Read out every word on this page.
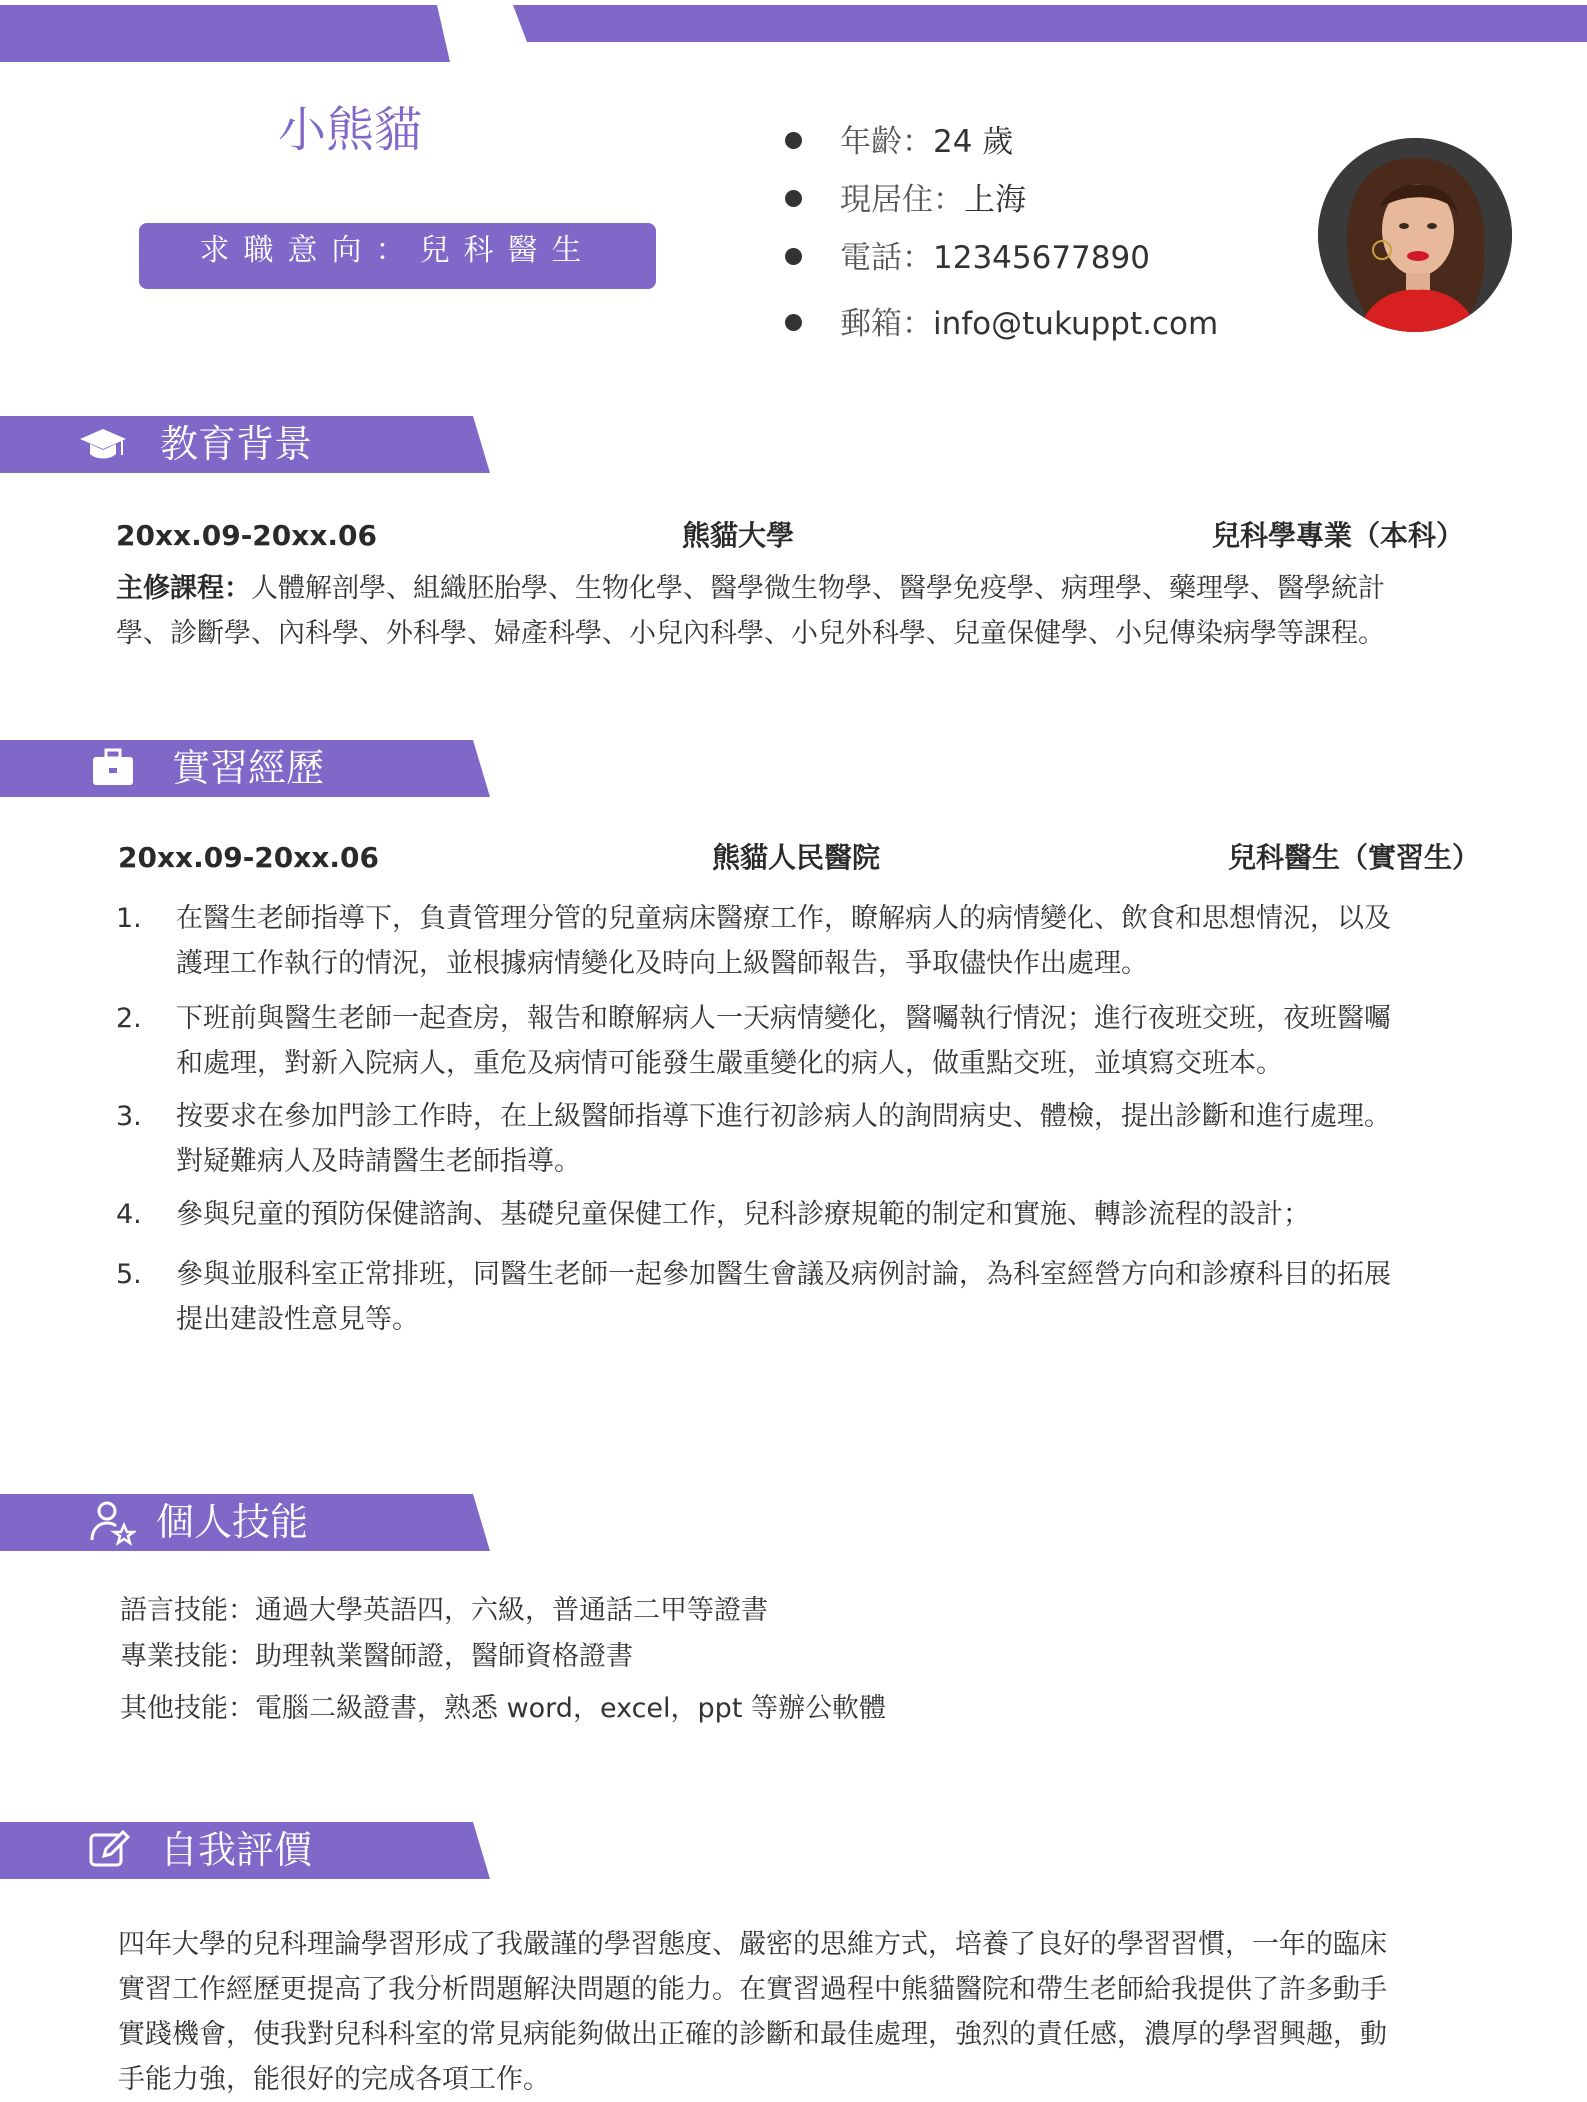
小熊貓
求職意向：兒科醫生
年齡：24 歲
現居住：上海
電話：12345677890
郵箱：info@tukuppt.com
教育背景
20xx.09-20xx.06	熊貓大學	兒科學專業（本科）
主修課程：人體解剖學、組織胚胎學、生物化學、醫學微生物學、醫學免疫學、病理學、藥理學、醫學統計
學、診斷學、內科學、外科學、婦產科學、小兒內科學、小兒外科學、兒童保健學、小兒傳染病學等課程。
實習經歷
20xx.09-20xx.06	熊貓人民醫院	兒科醫生（實習生）
1. 在醫生老師指導下，負責管理分管的兒童病床醫療工作，瞭解病人的病情變化、飲食和思想情況，以及
護理工作執行的情況，並根據病情變化及時向上級醫師報告，爭取儘快作出處理。
2. 下班前與醫生老師一起查房，報告和瞭解病人一天病情變化，醫囑執行情況；進行夜班交班，夜班醫囑
和處理，對新入院病人，重危及病情可能發生嚴重變化的病人，做重點交班，並填寫交班本。
3. 按要求在參加門診工作時，在上級醫師指導下進行初診病人的詢問病史、體檢，提出診斷和進行處理。
對疑難病人及時請醫生老師指導。
4. 參與兒童的預防保健諮詢、基礎兒童保健工作，兒科診療規範的制定和實施、轉診流程的設計；
5. 參與並服科室正常排班，同醫生老師一起參加醫生會議及病例討論，為科室經營方向和診療科目的拓展
提出建設性意見等。
個人技能
語言技能：通過大學英語四，六級，普通話二甲等證書
專業技能：助理執業醫師證，醫師資格證書
其他技能：電腦二級證書，熟悉 word，excel，ppt 等辦公軟體
自我評價
四年大學的兒科理論學習形成了我嚴謹的學習態度、嚴密的思維方式，培養了良好的學習習慣，一年的臨床
實習工作經歷更提高了我分析問題解決問題的能力。在實習過程中熊貓醫院和帶生老師給我提供了許多動手
實踐機會，使我對兒科科室的常見病能夠做出正確的診斷和最佳處理，強烈的責任感，濃厚的學習興趣，動
手能力強，能很好的完成各項工作。
